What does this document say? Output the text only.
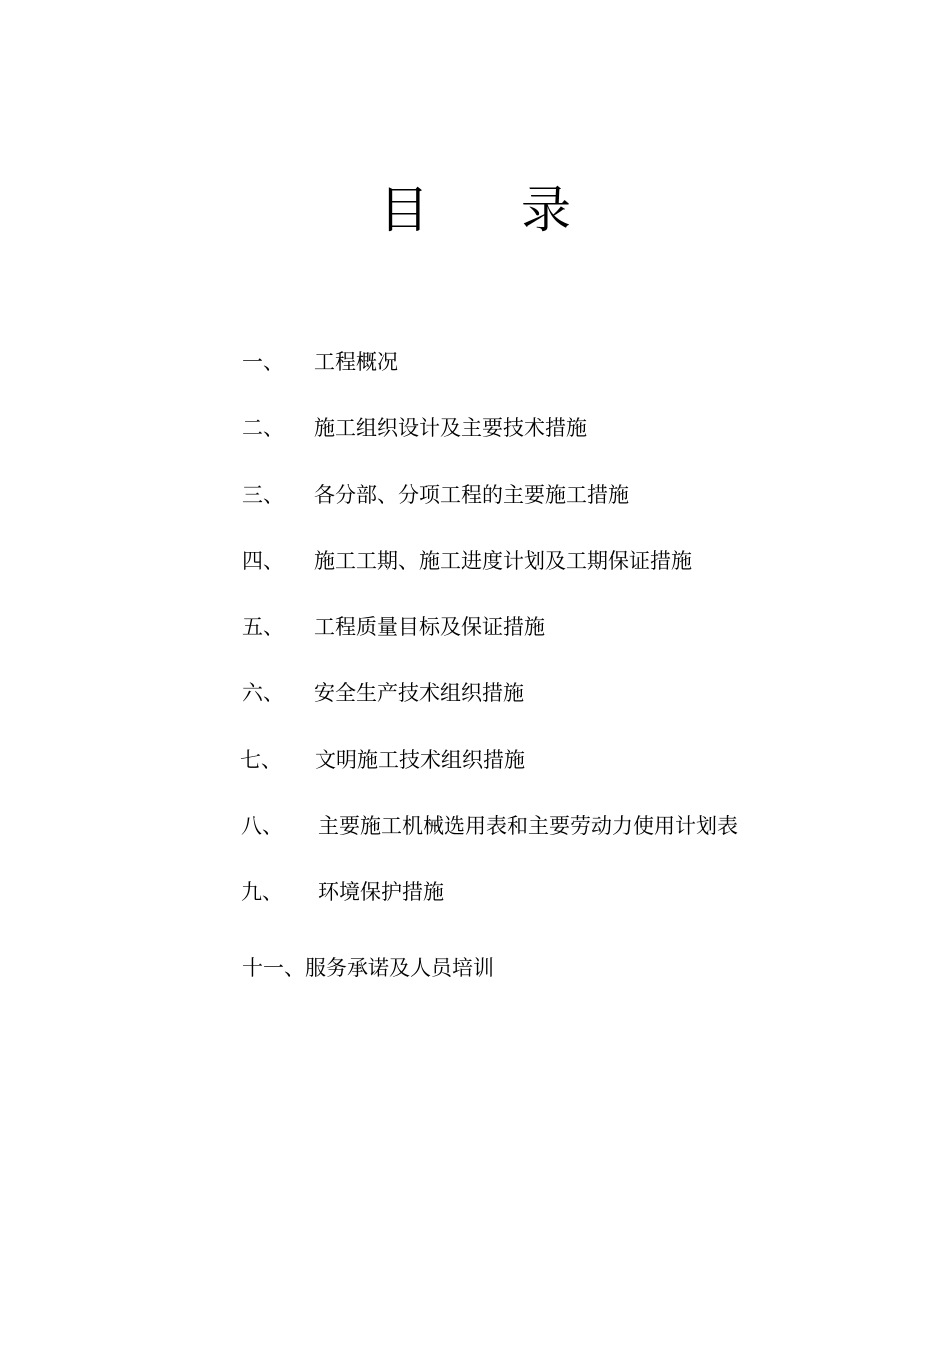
目 录
一、 工程概况
二、 施工组织设计及主要技术措施
三、 各分部、分项工程的主要施工措施
四、 施工工期、施工进度计划及工期保证措施
五、 工程质量目标及保证措施
六、 安全生产技术组织措施
七、 文明施工技术组织措施
八、 主要施工机械选用表和主要劳动力使用计划表
九、 环境保护措施
十一、服务承诺及人员培训
